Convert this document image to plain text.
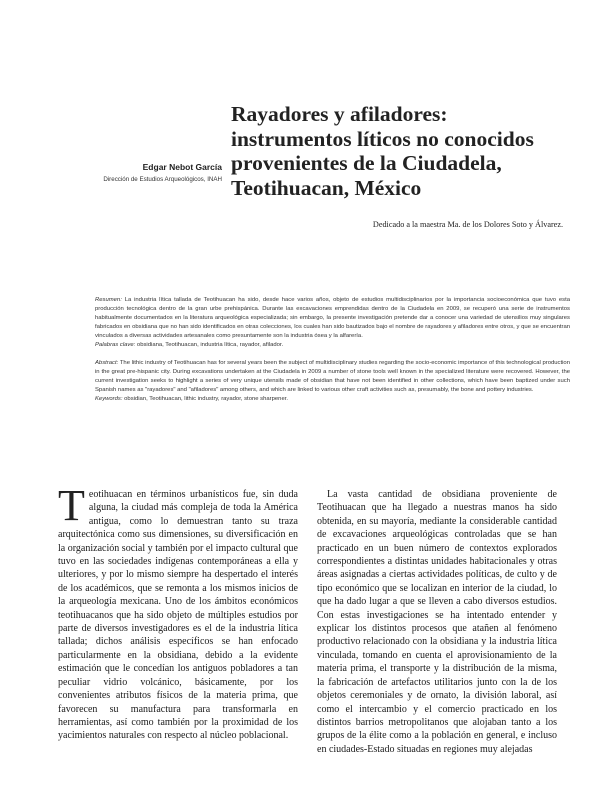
Edgar Nebot García
Dirección de Estudios Arqueológicos, INAH
Rayadores y afiladores: instrumentos líticos no conocidos provenientes de la Ciudadela, Teotihuacan, México
Dedicado a la maestra Ma. de los Dolores Soto y Álvarez.

Resumen: La industria lítica tallada de Teotihuacan ha sido, desde hace varios años, objeto de estudios multidisciplinarios por la importancia socioeconómica que tuvo esta producción tecnológica dentro de la gran urbe prehispánica. Durante las excavaciones emprendidas dentro de la Ciudadela en 2009, se recuperó una serie de instrumentos habitualmente documentados en la literatura arqueológica especializada; sin embargo, la presente investigación pretende dar a conocer una variedad de utensilios muy singulares fabricados en obsidiana que no han sido identificados en otras colecciones, los cuales han sido bautizados bajo el nombre de rayadores y afiladores entre otros, y que se encuentran vinculados a diversas actividades artesanales como presuntamente son la industria ósea y la alfarería.

Palabras clave: obsidiana, Teotihuacan, industria lítica, rayador, afilador.

Abstract: The lithic industry of Teotihuacan has for several years been the subject of multidisciplinary studies regarding the socio-economic importance of this technological production in the great pre-hispanic city. During excavations undertaken at the Ciudadela in 2009 a number of stone tools well known in the specialized literature were recovered. However, the current investigation seeks to highlight a series of very unique utensils made of obsidian that have not been identified in other collections, which have been baptized under such Spanish names as "rayadores" and "afiladores" among others, and which are linked to various other craft activities such as, presumably, the bone and pottery industries.

Keywords: obsidian, Teotihuacan, lithic industry, rayador, stone sharpener.

Teotihuacan en términos urbanísticos fue, sin duda alguna, la ciudad más compleja de toda la América antigua, como lo demuestran tanto su traza arquitectónica como sus dimensiones, su diversificación en la organización social y también por el impacto cultural que tuvo en las sociedades indígenas contemporáneas a ella y ulteriores, y por lo mismo siempre ha despertado el interés de los académicos, que se remonta a los mismos inicios de la arqueología mexicana. Uno de los ámbitos económicos teotihuacanos que ha sido objeto de múltiples estudios por parte de diversos investigadores es el de la industria lítica tallada; dichos análisis específicos se han enfocado particularmente en la obsidiana, debido a la evidente estimación que le concedían los antiguos pobladores a tan peculiar vidrio volcánico, básicamente, por los convenientes atributos físicos de la materia prima, que favorecen su manufactura para transformarla en herramientas, así como también por la proximidad de los yacimientos naturales con respecto al núcleo poblacional.

La vasta cantidad de obsidiana proveniente de Teotihuacan que ha llegado a nuestras manos ha sido obtenida, en su mayoría, mediante la considerable cantidad de excavaciones arqueológicas controladas que se han practicado en un buen número de contextos explorados correspondientes a distintas unidades habitacionales y otras áreas asignadas a ciertas actividades políticas, de culto y de tipo económico que se localizan en interior de la ciudad, lo que ha dado lugar a que se lleven a cabo diversos estudios. Con estas investigaciones se ha intentado entender y explicar los distintos procesos que atañen al fenómeno productivo relacionado con la obsidiana y la industria lítica vinculada, tomando en cuenta el aprovisionamiento de la materia prima, el transporte y la distribución de la misma, la fabricación de artefactos utilitarios junto con la de los objetos ceremoniales y de ornato, la división laboral, así como el intercambio y el comercio practicado en los distintos barrios metropolitanos que alojaban tanto a los grupos de la élite como a la población en general, e incluso en ciudades-Estado situadas en regiones muy alejadas
